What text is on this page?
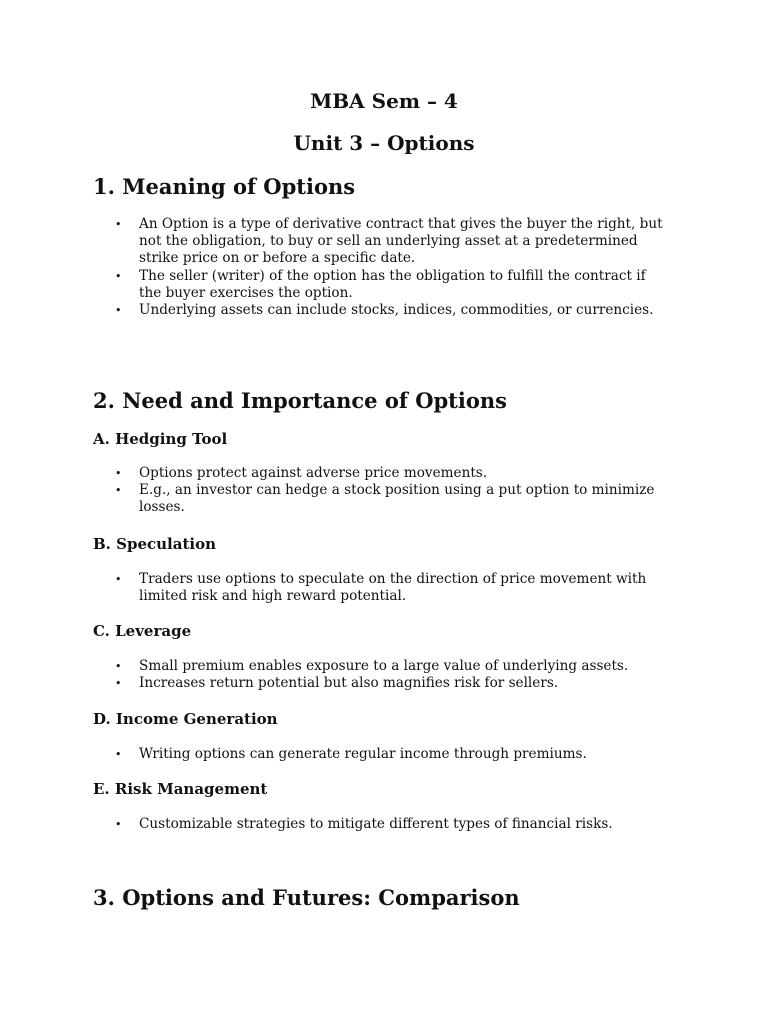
MBA Sem – 4
Unit 3 – Options
1. Meaning of Options
• An Option is a type of derivative contract that gives the buyer the right, but not the obligation, to buy or sell an underlying asset at a predetermined strike price on or before a specific date.
• The seller (writer) of the option has the obligation to fulfill the contract if the buyer exercises the option.
• Underlying assets can include stocks, indices, commodities, or currencies.
2. Need and Importance of Options
A. Hedging Tool
• Options protect against adverse price movements.
• E.g., an investor can hedge a stock position using a put option to minimize losses.
B. Speculation
• Traders use options to speculate on the direction of price movement with limited risk and high reward potential.
C. Leverage
• Small premium enables exposure to a large value of underlying assets.
• Increases return potential but also magnifies risk for sellers.
D. Income Generation
• Writing options can generate regular income through premiums.
E. Risk Management
• Customizable strategies to mitigate different types of financial risks.
3. Options and Futures: Comparison
